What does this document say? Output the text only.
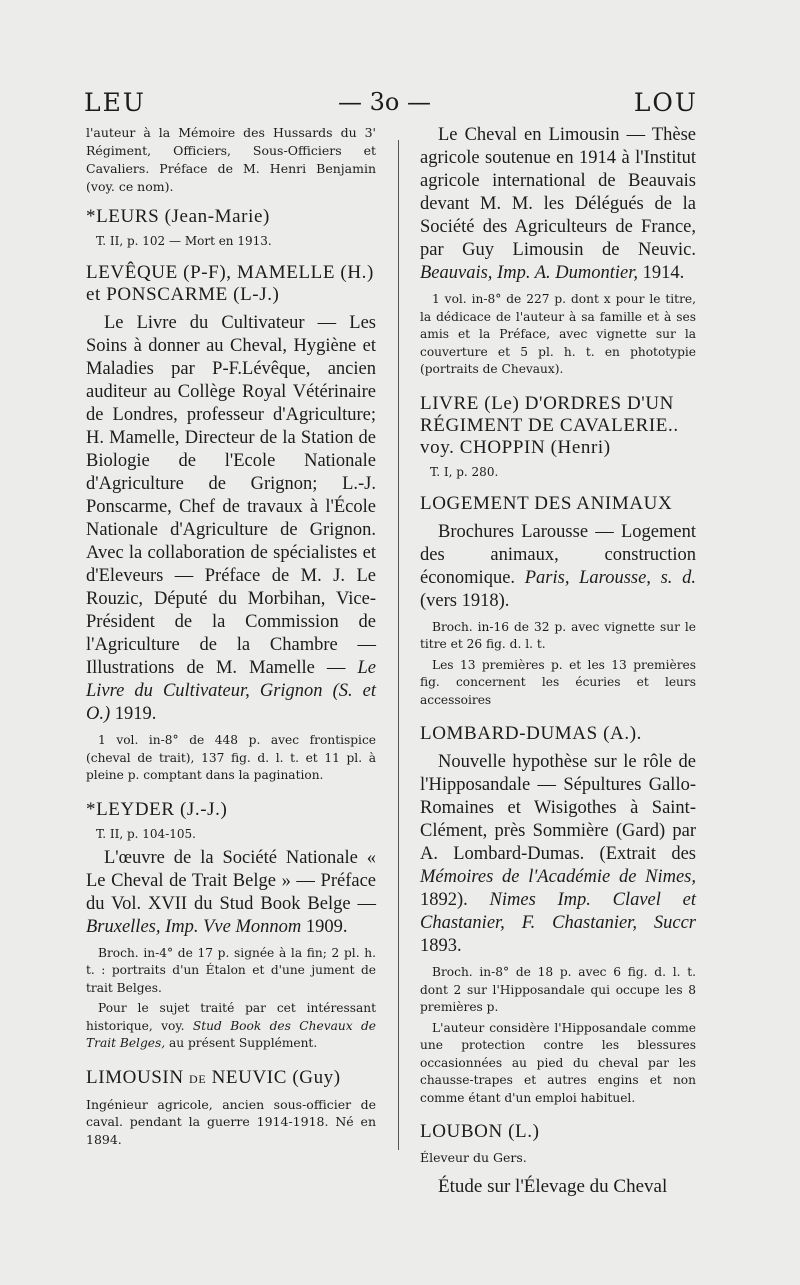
LEU	— 3o —	LOU

l'auteur à la Mémoire des Hussards du 3' Régiment, Officiers, Sous-Officiers et Cavaliers. Préface de M. Henri Benjamin (voy. ce nom).

*LEURS (Jean-Marie)
T. II, p. 102 — Mort en 1913.
LEVÊQUE (P-F), MAMELLE (H.) et PONSCARME (L-J.)

Le Livre du Cultivateur — Les Soins à donner au Cheval, Hygiène et Maladies par P-F.Lévêque, ancien auditeur au Collège Royal Vétérinaire de Londres, professeur d'Agriculture; H. Mamelle, Directeur de la Station de Biologie de l'Ecole Nationale d'Agriculture de Grignon; L.-J. Ponscarme, Chef de travaux à l'École Nationale d'Agriculture de Grignon. Avec la collaboration de spécialistes et d'Eleveurs — Préface de M. J. Le Rouzic, Député du Morbihan, Vice-Président de la Commission de l'Agriculture de la Chambre — Illustrations de M. Mamelle — Le Livre du Cultivateur, Grignon (S. et O.) 1919.

1 vol. in-8° de 448 p. avec frontispice (cheval de trait), 137 fig. d. l. t. et 11 pl. à pleine p. comptant dans la pagination.

*LEYDER (J.-J.)
T. II, p. 104-105.

L'œuvre de la Société Nationale « Le Cheval de Trait Belge » — Préface du Vol. XVII du Stud Book Belge — Bruxelles, Imp. Vve Monnom 1909.

Broch. in-4° de 17 p. signée à la fin; 2 pl. h. t. : portraits d'un Étalon et d'une jument de trait Belges.

Pour le sujet traité par cet intéressant historique, voy. Stud Book des Chevaux de Trait Belges, au présent Supplément.

LIMOUSIN DE NEUVIC (Guy)

Ingénieur agricole, ancien sous-officier de caval. pendant la guerre 1914-1918. Né en 1894.

Le Cheval en Limousin — Thèse agricole soutenue en 1914 à l'Institut agricole international de Beauvais devant M. M. les Délégués de la Société des Agriculteurs de France, par Guy Limousin de Neuvic. Beauvais, Imp. A. Dumontier, 1914.

1 vol. in-8° de 227 p. dont x pour le titre, la dédicace de l'auteur à sa famille et à ses amis et la Préface, avec vignette sur la couverture et 5 pl. h. t. en phototypie (portraits de Chevaux).

LIVRE (Le) D'ORDRES D'UN RÉGIMENT DE CAVALERIE.. voy. CHOPPIN (Henri)
T. I, p. 280.
LOGEMENT DES ANIMAUX

Brochures Larousse — Logement des animaux, construction économique. Paris, Larousse, s. d. (vers 1918).

Broch. in-16 de 32 p. avec vignette sur le titre et 26 fig. d. l. t.

Les 13 premières p. et les 13 premières fig. concernent les écuries et leurs accessoires

LOMBARD-DUMAS (A.).

Nouvelle hypothèse sur le rôle de l'Hipposandale — Sépultures Gallo-Romaines et Wisigothes à Saint-Clément, près Sommière (Gard) par A. Lombard-Dumas. (Extrait des Mémoires de l'Académie de Nimes, 1892). Nimes Imp. Clavel et Chastanier, F. Chastanier, Succr 1893.

Broch. in-8° de 18 p. avec 6 fig. d. l. t. dont 2 sur l'Hipposandale qui occupe les 8 premières p.

L'auteur considère l'Hipposandale comme une protection contre les blessures occasionnées au pied du cheval par les chausse-trapes et autres engins et non comme étant d'un emploi habituel.

LOUBON (L.)

Éleveur du Gers.

Étude sur l'Élevage du Cheval
